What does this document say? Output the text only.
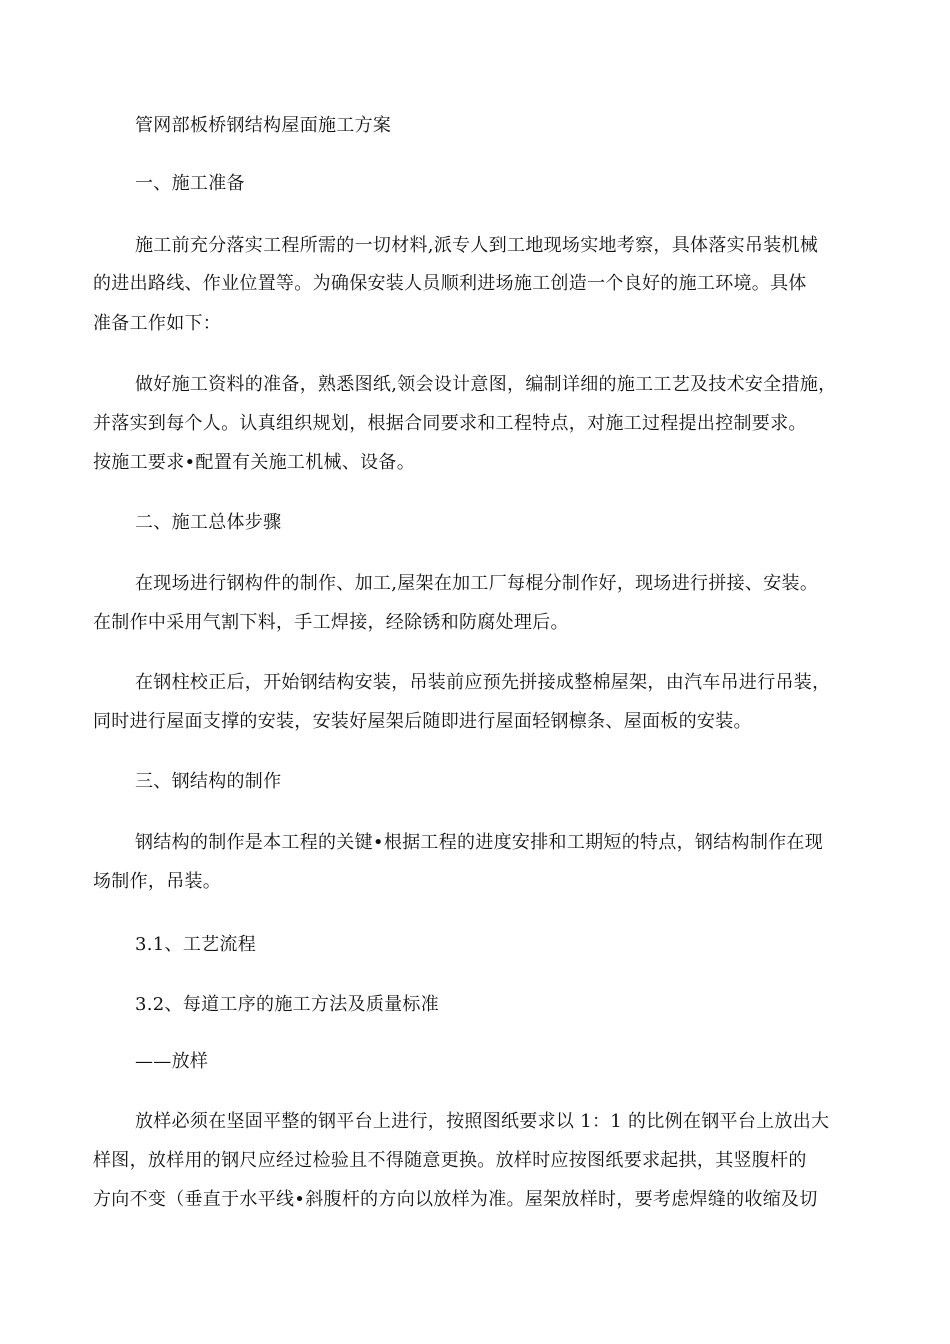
管网部板桥钢结构屋面施工方案
一、施工准备
施工前充分落实工程所需的一切材料,派专人到工地现场实地考察，具体落实吊装机械
的进出路线、作业位置等。为确保安装人员顺利进场施工创造一个良好的施工环境。具体
准备工作如下：
做好施工资料的准备，熟悉图纸,领会设计意图，编制详细的施工工艺及技术安全措施，
并落实到每个人。认真组织规划，根据合同要求和工程特点，对施工过程提出控制要求。
按施工要求•配置有关施工机械、设备。
二、施工总体步骤
在现场进行钢构件的制作、加工,屋架在加工厂每棍分制作好，现场进行拼接、安装。
在制作中采用气割下料，手工焊接，经除锈和防腐处理后。
在钢柱校正后，开始钢结构安装，吊装前应预先拼接成整棉屋架，由汽车吊进行吊装，
同时进行屋面支撑的安装，安装好屋架后随即进行屋面轻钢檩条、屋面板的安装。
三、钢结构的制作
钢结构的制作是本工程的关键•根据工程的进度安排和工期短的特点，钢结构制作在现
场制作，吊装。
3.1、工艺流程
3.2、每道工序的施工方法及质量标准
——放样
放样必须在坚固平整的钢平台上进行，按照图纸要求以 1：1 的比例在钢平台上放出大
样图，放样用的钢尺应经过检验且不得随意更换。放样时应按图纸要求起拱，其竖腹杆的
方向不变（垂直于水平线•斜腹杆的方向以放样为准。屋架放样时，要考虑焊缝的收缩及切
